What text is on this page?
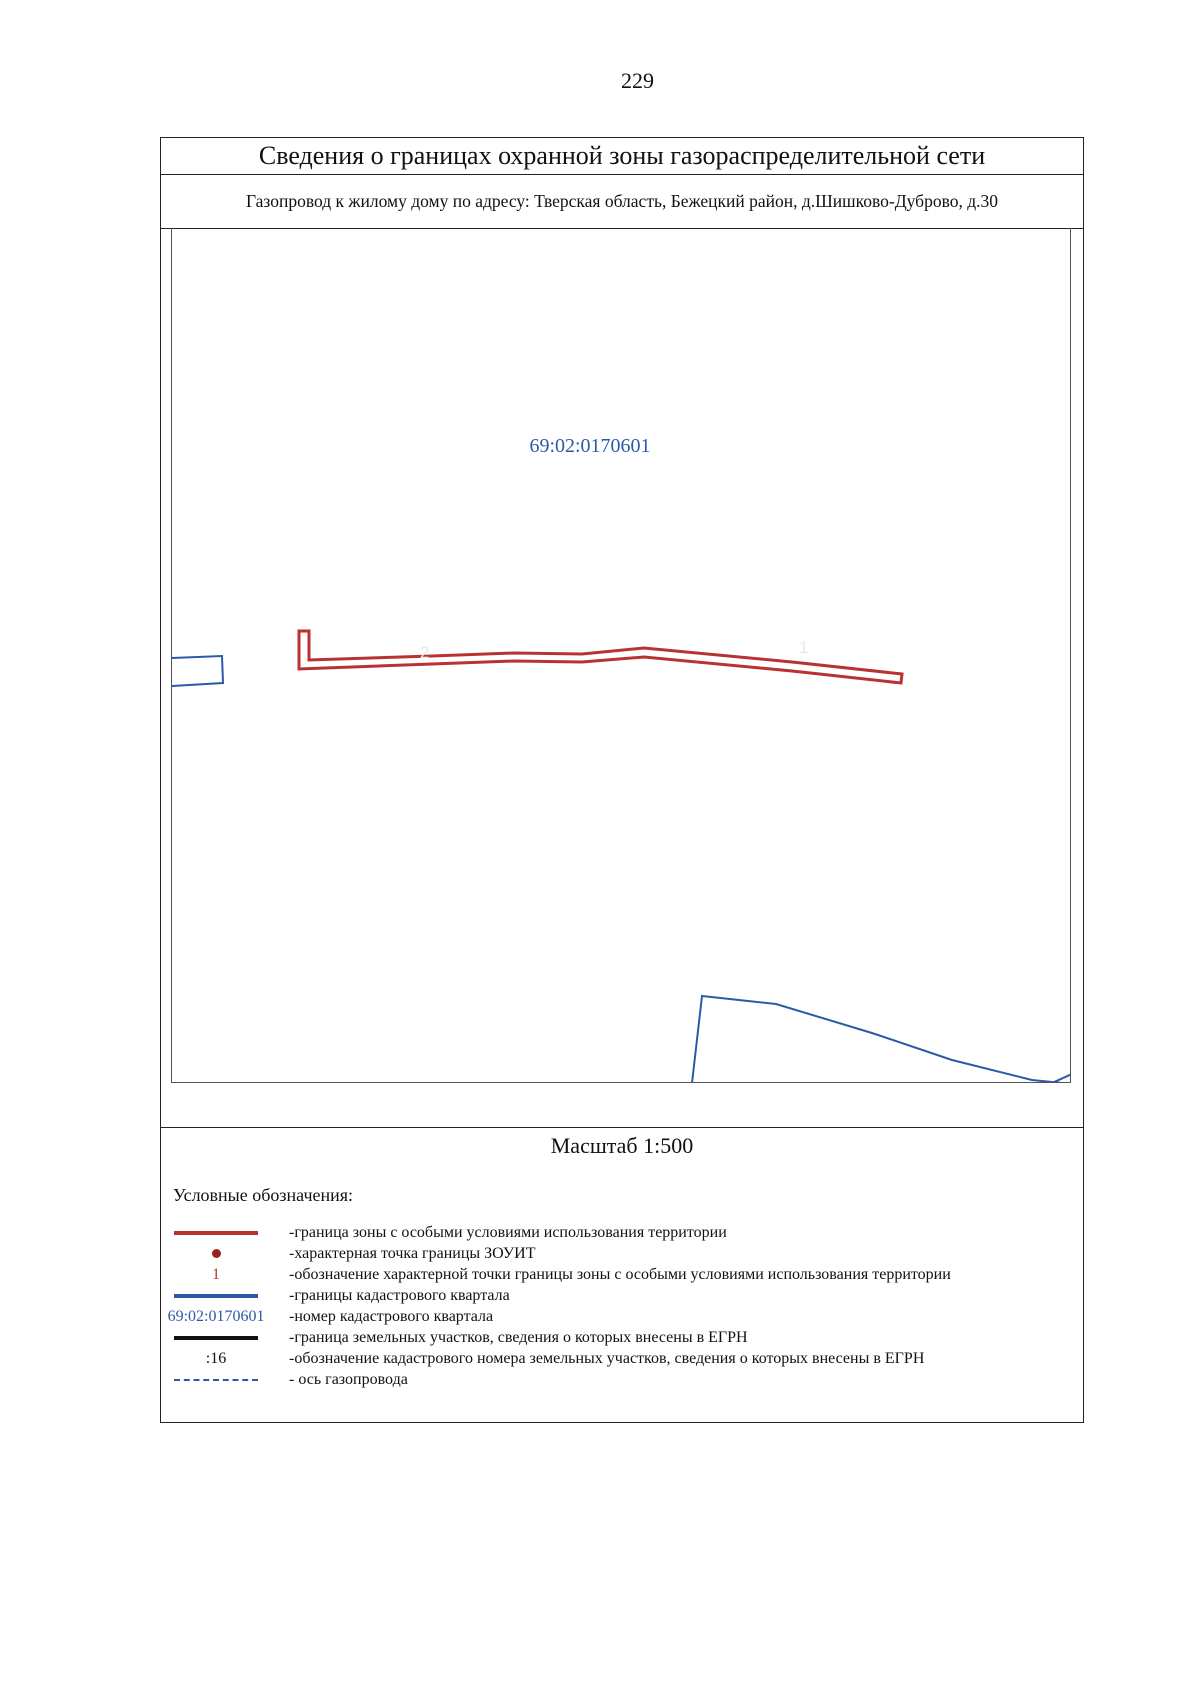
229
Сведения о границах охранной зоны газораспределительной сети
Газопровод к жилому дому по адресу: Тверская область, Бежецкий район, д.Шишково-Дуброво, д.30
2	1
69:02:0170601
Масштаб 1:500
Условные обозначения:
-граница зоны с особыми условиями использования территории
-характерная точка границы ЗОУИТ
1	-обозначение характерной точки границы зоны с особыми условиями использования территории
-границы кадастрового квартала
69:02:0170601 -номер кадастрового квартала
-граница земельных участков, сведения о которых внесены в ЕГРН
:16	-обозначение кадастрового номера земельных участков, сведения о которых внесены в ЕГРН
- ось газопровода
